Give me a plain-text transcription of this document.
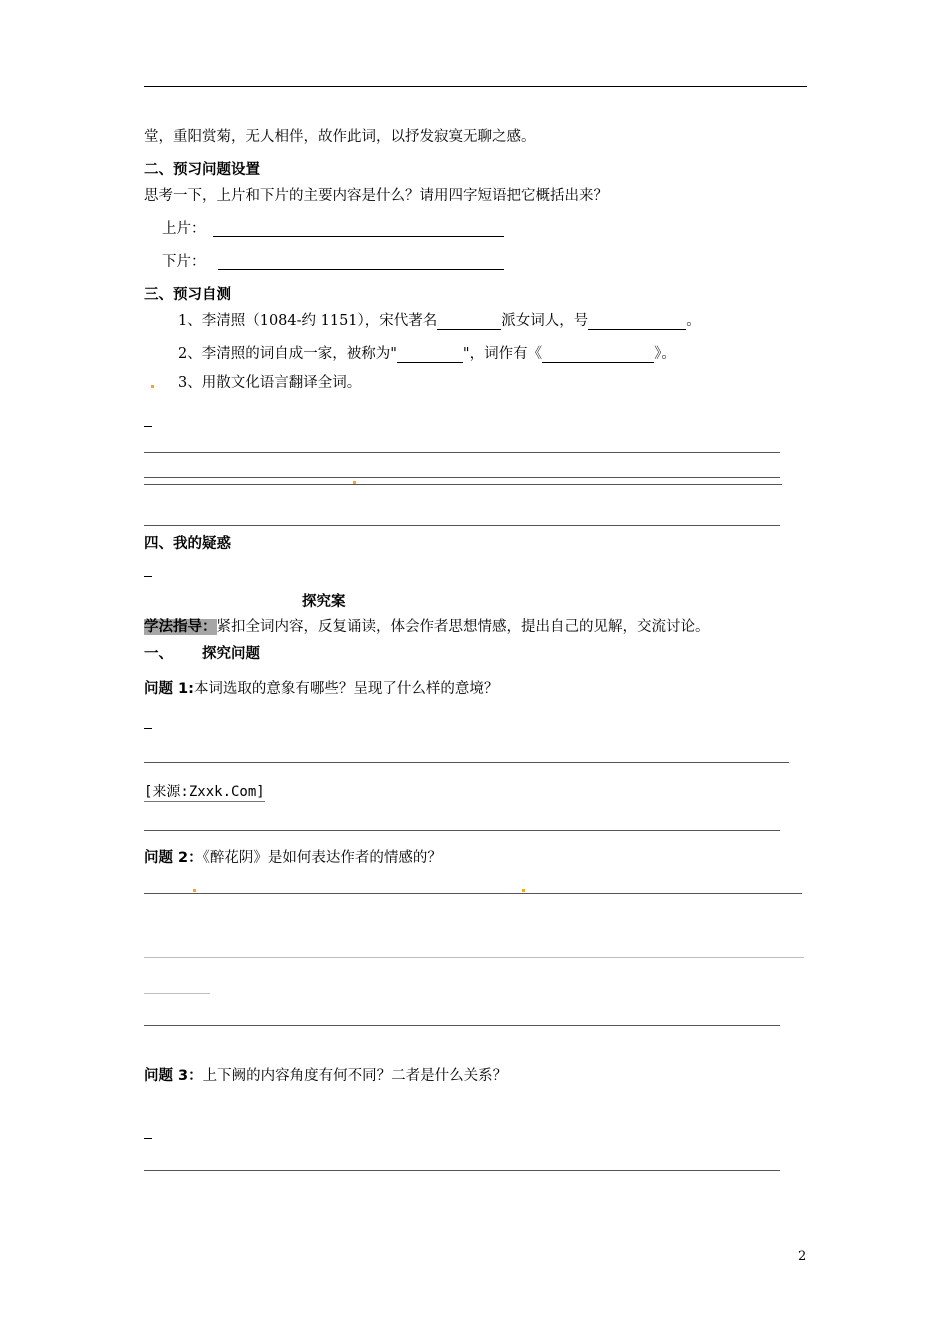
堂，重阳赏菊，无人相伴，故作此词，以抒发寂寞无聊之感。
二、预习问题设置
思考一下，上片和下片的主要内容是什么？请用四字短语把它概括出来？
上片：
下片：
三、预习自测
1、李清照（1084-约 1151），宋代著名	派女词人，号	。
2、李清照的词自成一家，被称为"	"，词作有《	》。
3、用散文化语言翻译全词。
四、我的疑惑
探究案
学法指导：紧扣全词内容，反复诵读，体会作者思想情感，提出自己的见解，交流讨论。
一、 探究问题
问题 1:本词选取的意象有哪些？呈现了什么样的意境？
[来源:Zxxk.Com]
问题 2：《醉花阴》是如何表达作者的情感的？
问题 3：上下阙的内容角度有何不同？二者是什么关系？
2
